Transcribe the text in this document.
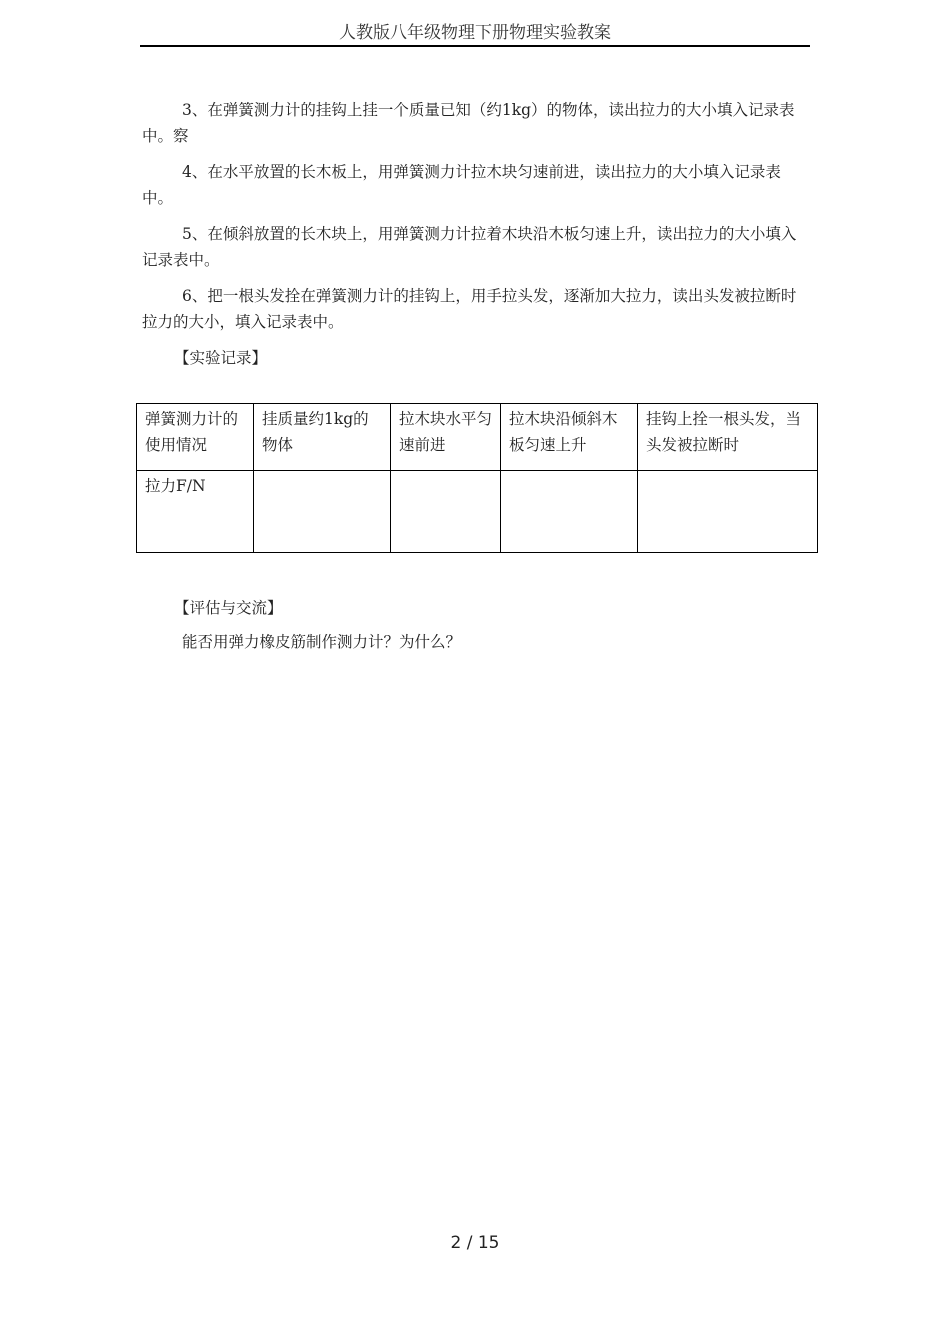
人教版八年级物理下册物理实验教案

3、在弹簧测力计的挂钩上挂一个质量已知（约1kg）的物体，读出拉力的大小填入记录表中。察

4、在水平放置的长木板上，用弹簧测力计拉木块匀速前进，读出拉力的大小填入记录表中。

5、在倾斜放置的长木块上，用弹簧测力计拉着木块沿木板匀速上升，读出拉力的大小填入记录表中。

6、把一根头发拴在弹簧测力计的挂钩上，用手拉头发，逐渐加大拉力，读出头发被拉断时拉力的大小，填入记录表中。

【实验记录】

弹簧测力计的使用情况	挂质量约1kg的物体	拉木块水平匀速前进	拉木块沿倾斜木板匀速上升	挂钩上拴一根头发，当头发被拉断时
拉力F/N				

【评估与交流】

能否用弹力橡皮筋制作测力计？为什么？

2 / 15
